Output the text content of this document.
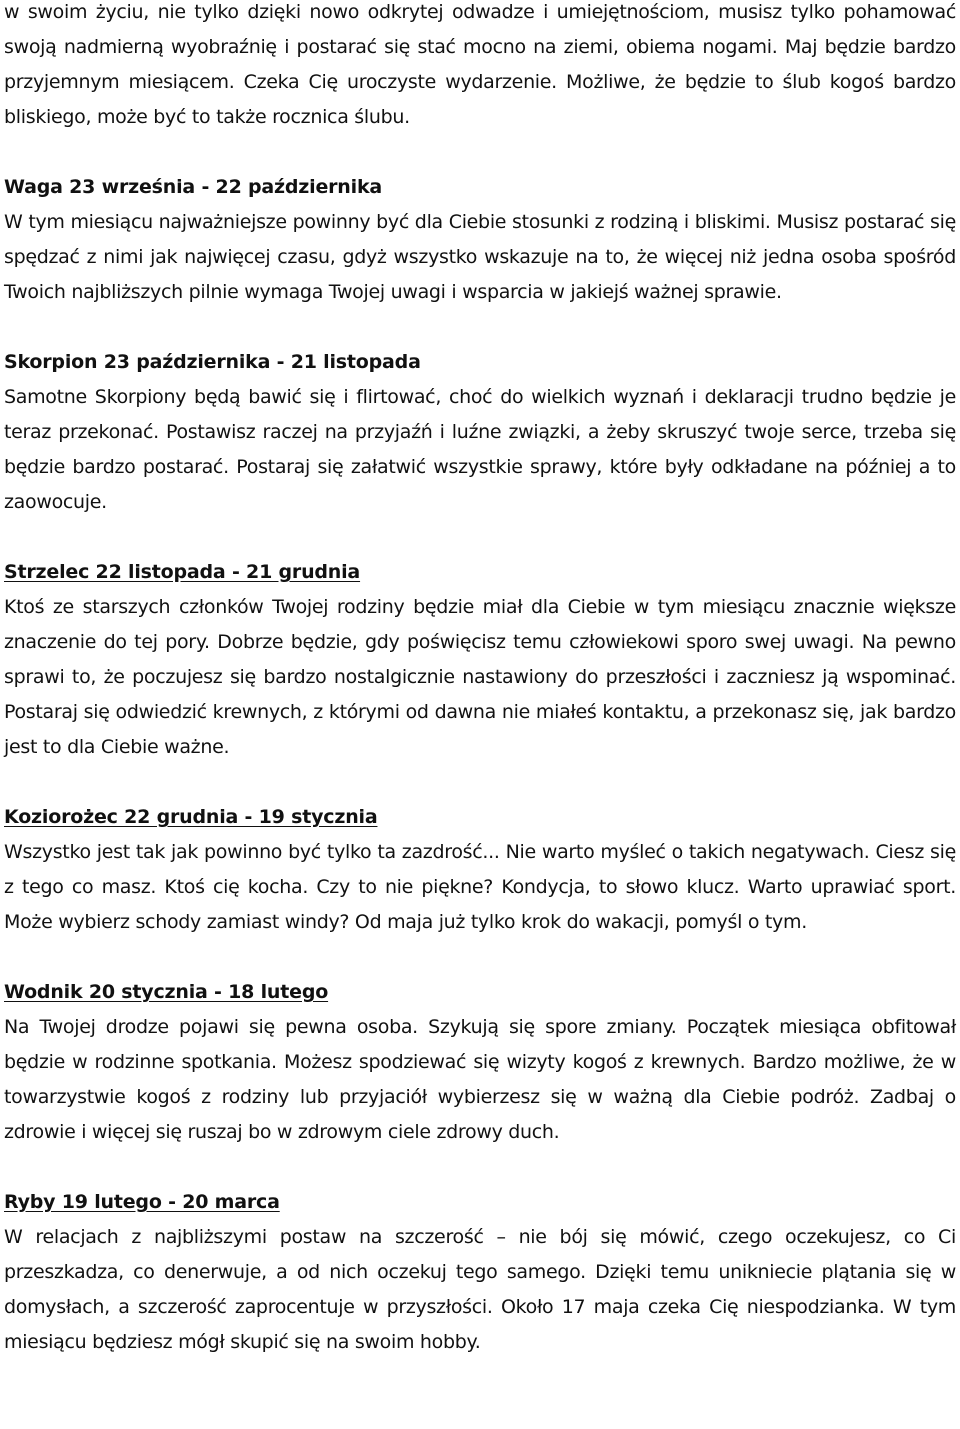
w swoim życiu, nie tylko dzięki nowo odkrytej odwadze i umiejętnościom, musisz tylko pohamować swoją nadmierną wyobraźnię i postarać się stać mocno na ziemi, obiema nogami. Maj będzie bardzo przyjemnym miesiącem. Czeka Cię uroczyste wydarzenie. Możliwe, że będzie to ślub kogoś bardzo bliskiego, może być to także rocznica ślubu.

Waga 23 września - 22 października

W tym miesiącu najważniejsze powinny być dla Ciebie stosunki z rodziną i bliskimi. Musisz postarać się spędzać z nimi jak najwięcej czasu, gdyż wszystko wskazuje na to, że więcej niż jedna osoba spośród Twoich najbliższych pilnie wymaga Twojej uwagi i wsparcia w jakiejś ważnej sprawie.

Skorpion 23 października - 21 listopada

Samotne Skorpiony będą bawić się i flirtować, choć do wielkich wyznań i deklaracji trudno będzie je teraz przekonać. Postawisz raczej na przyjaźń i luźne związki, a żeby skruszyć twoje serce, trzeba się będzie bardzo postarać. Postaraj się załatwić wszystkie sprawy, które były odkładane na później a to zaowocuje.

Strzelec 22 listopada - 21 grudnia

Ktoś ze starszych członków Twojej rodziny będzie miał dla Ciebie w tym miesiącu znacznie większe znaczenie do tej pory. Dobrze będzie, gdy poświęcisz temu człowiekowi sporo swej uwagi. Na pewno sprawi to, że poczujesz się bardzo nostalgicznie nastawiony do przeszłości i zaczniesz ją wspominać. Postaraj się odwiedzić krewnych, z którymi od dawna nie miałeś kontaktu, a przekonasz się, jak bardzo jest to dla Ciebie ważne.

Koziorożec 22 grudnia - 19 stycznia

Wszystko jest tak jak powinno być tylko ta zazdrość... Nie warto myśleć o takich negatywach. Ciesz się z tego co masz. Ktoś cię kocha. Czy to nie piękne? Kondycja, to słowo klucz. Warto uprawiać sport. Może wybierz schody zamiast windy? Od maja już tylko krok do wakacji, pomyśl o tym.

Wodnik 20 stycznia - 18 lutego

Na Twojej drodze pojawi się pewna osoba. Szykują się spore zmiany. Początek miesiąca obfitował będzie w rodzinne spotkania. Możesz spodziewać się wizyty kogoś z krewnych. Bardzo możliwe, że w towarzystwie kogoś z rodziny lub przyjaciół wybierzesz się w ważną dla Ciebie podróż. Zadbaj o zdrowie i więcej się ruszaj bo w zdrowym ciele zdrowy duch.

Ryby 19 lutego - 20 marca

W relacjach z najbliższymi postaw na szczerość – nie bój się mówić, czego oczekujesz, co Ci przeszkadza, co denerwuje, a od nich oczekuj tego samego. Dzięki temu unikniecie plątania się w domysłach, a szczerość zaprocentuje w przyszłości. Około 17 maja czeka Cię niespodzianka. W tym miesiącu będziesz mógł skupić się na swoim hobby.
